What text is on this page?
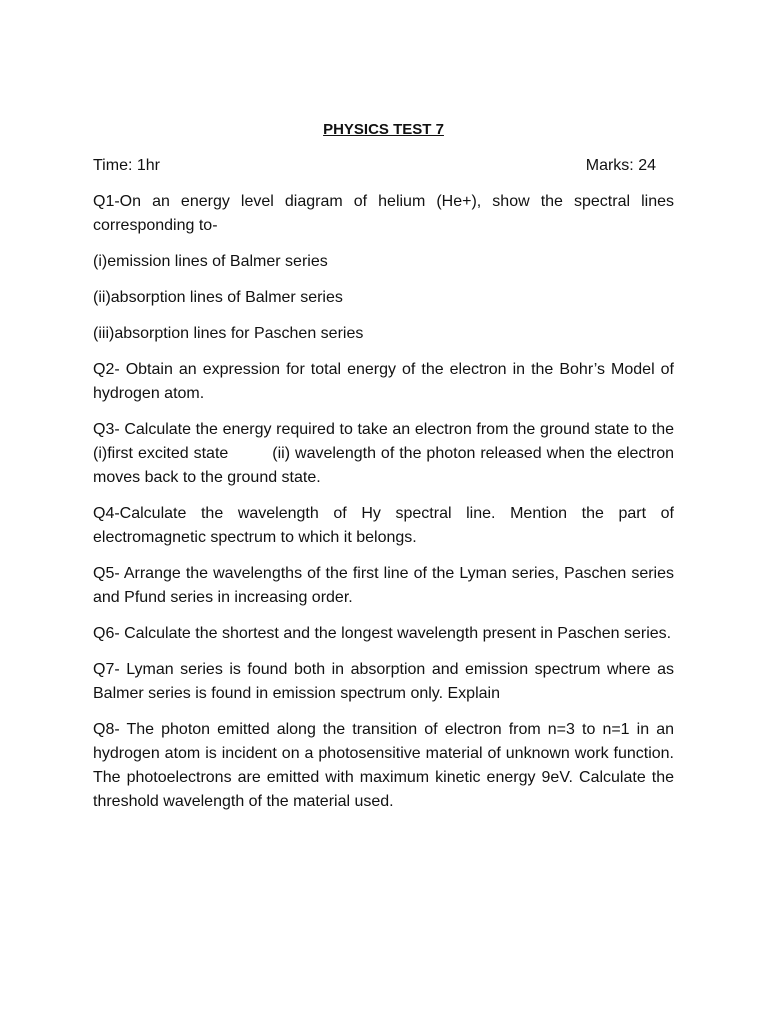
PHYSICS TEST 7
Time: 1hr	Marks: 24

Q1-On an energy level diagram of helium (He+), show the spectral lines corresponding to-

(i)emission lines of Balmer series

(ii)absorption lines of Balmer series

(iii)absorption lines for Paschen series

Q2- Obtain an expression for total energy of the electron in the Bohr’s Model of hydrogen atom.

Q3- Calculate the energy required to take an electron from the ground state to the (i)first excited state	(ii) wavelength of the photon released when the electron moves back to the ground state.

Q4-Calculate the wavelength of Hy spectral line. Mention the part of electromagnetic spectrum to which it belongs.

Q5- Arrange the wavelengths of the first line of the Lyman series, Paschen series and Pfund series in increasing order.

Q6- Calculate the shortest and the longest wavelength present in Paschen series.

Q7- Lyman series is found both in absorption and emission spectrum where as Balmer series is found in emission spectrum only. Explain

Q8- The photon emitted along the transition of electron from n=3 to n=1 in an hydrogen atom is incident on a photosensitive material of unknown work function. The photoelectrons are emitted with maximum kinetic energy 9eV. Calculate the threshold wavelength of the material used.
